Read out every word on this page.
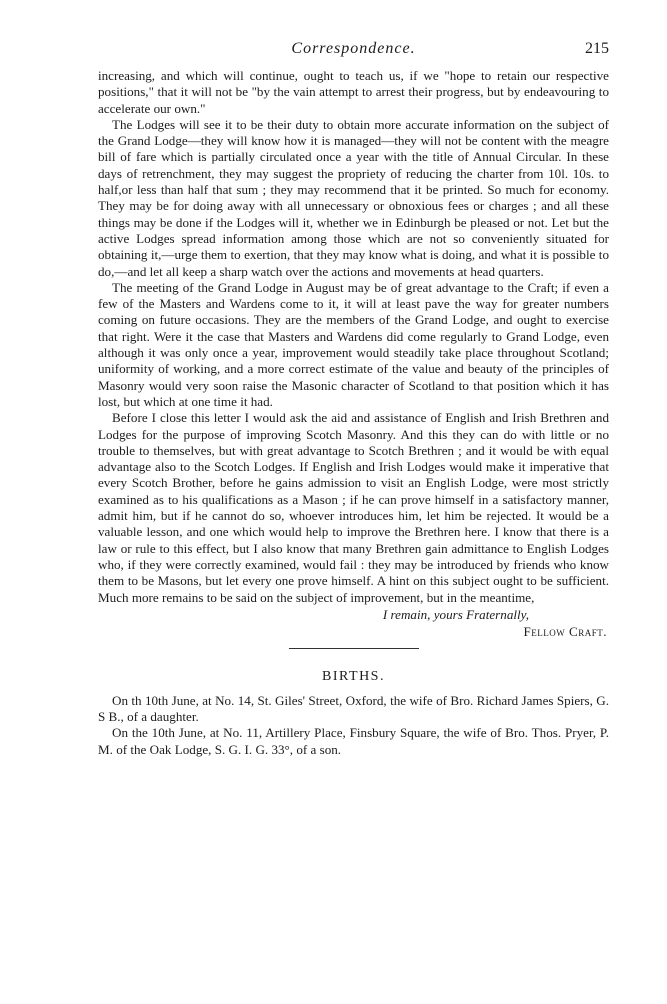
Correspondence.	215

increasing, and which will continue, ought to teach us, if we "hope to retain our respective positions," that it will not be "by the vain attempt to arrest their progress, but by endeavouring to accelerate our own."

The Lodges will see it to be their duty to obtain more accurate information on the subject of the Grand Lodge—they will know how it is managed—they will not be content with the meagre bill of fare which is partially circulated once a year with the title of Annual Circular. In these days of retrenchment, they may suggest the propriety of reducing the charter from 10l. 10s. to half,or less than half that sum ; they may recommend that it be printed. So much for economy. They may be for doing away with all unnecessary or obnoxious fees or charges ; and all these things may be done if the Lodges will it, whether we in Edinburgh be pleased or not. Let but the active Lodges spread information among those which are not so conveniently situated for obtaining it,—urge them to exertion, that they may know what is doing, and what it is possible to do,—and let all keep a sharp watch over the actions and movements at head quarters.

The meeting of the Grand Lodge in August may be of great advantage to the Craft; if even a few of the Masters and Wardens come to it, it will at least pave the way for greater numbers coming on future occasions. They are the members of the Grand Lodge, and ought to exercise that right. Were it the case that Masters and Wardens did come regularly to Grand Lodge, even although it was only once a year, improvement would steadily take place throughout Scotland; uniformity of working, and a more correct estimate of the value and beauty of the principles of Masonry would very soon raise the Masonic character of Scotland to that position which it has lost, but which at one time it had.

Before I close this letter I would ask the aid and assistance of English and Irish Brethren and Lodges for the purpose of improving Scotch Masonry. And this they can do with little or no trouble to themselves, but with great advantage to Scotch Brethren ; and it would be with equal advantage also to the Scotch Lodges. If English and Irish Lodges would make it imperative that every Scotch Brother, before he gains admission to visit an English Lodge, were most strictly examined as to his qualifications as a Mason ; if he can prove himself in a satisfactory manner, admit him, but if he cannot do so, whoever introduces him, let him be rejected. It would be a valuable lesson, and one which would help to improve the Brethren here. I know that there is a law or rule to this effect, but I also know that many Brethren gain admittance to English Lodges who, if they were correctly examined, would fail : they may be introduced by friends who know them to be Masons, but let every one prove himself. A hint on this subject ought to be sufficient. Much more remains to be said on the subject of improvement, but in the meantime,

I remain, yours Fraternally,
Fellow Craft.
BIRTHS.

On th 10th June, at No. 14, St. Giles' Street, Oxford, the wife of Bro. Richard James Spiers, G. S B., of a daughter.

On the 10th June, at No. 11, Artillery Place, Finsbury Square, the wife of Bro. Thos. Pryer, P. M. of the Oak Lodge, S. G. I. G. 33°, of a son.
